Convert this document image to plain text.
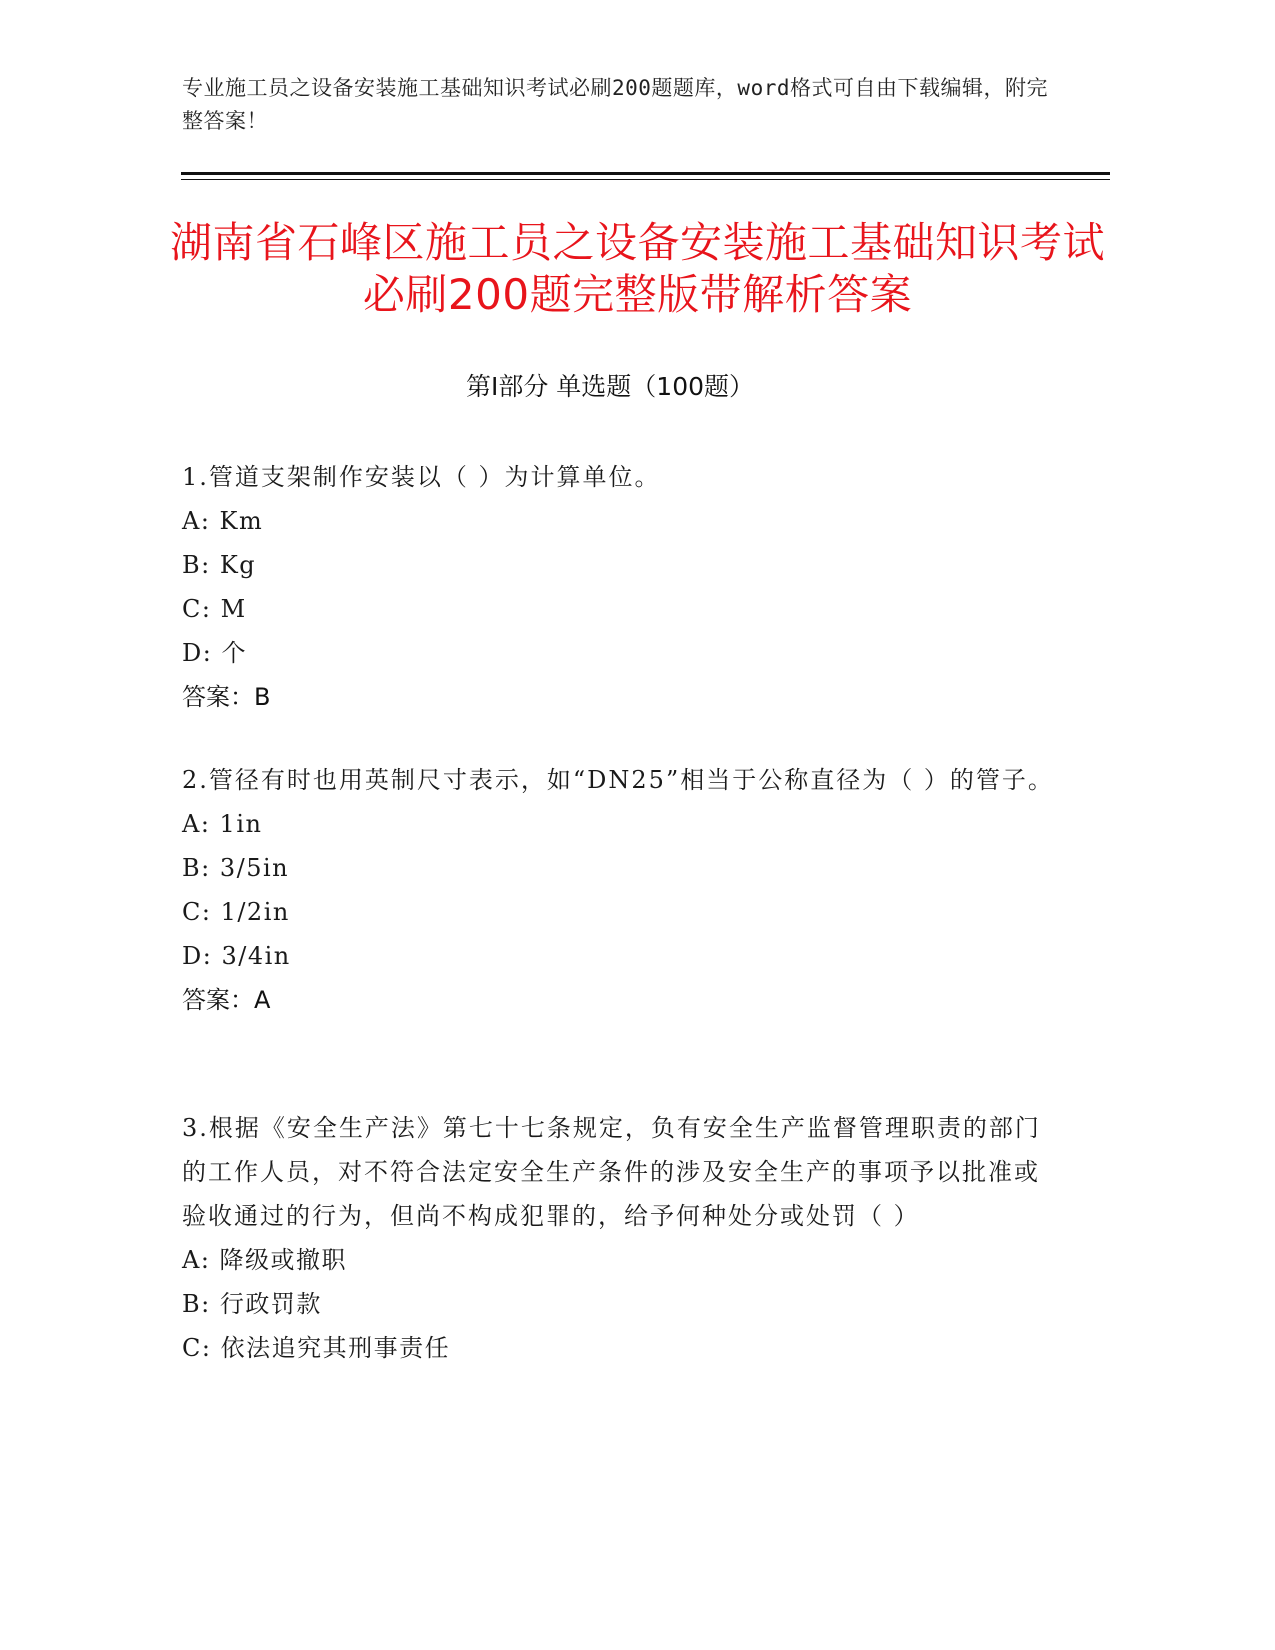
专业施工员之设备安装施工基础知识考试必刷200题题库，word格式可自由下载编辑，附完整答案！
湖南省石峰区施工员之设备安装施工基础知识考试必刷200题完整版带解析答案
第Ⅰ部分 单选题（100题）

1.管道支架制作安装以（ ）为计算单位。

A: Km

B: Kg

C: M

D: 个

答案：B

2.管径有时也用英制尺寸表示，如“DN25”相当于公称直径为（ ）的管子。

A: 1in

B: 3/5in

C: 1/2in

D: 3/4in

答案：A

3.根据《安全生产法》第七十七条规定，负有安全生产监督管理职责的部门的工作人员，对不符合法定安全生产条件的涉及安全生产的事项予以批准或验收通过的行为，但尚不构成犯罪的，给予何种处分或处罚（ ）

A: 降级或撤职

B: 行政罚款

C: 依法追究其刑事责任
